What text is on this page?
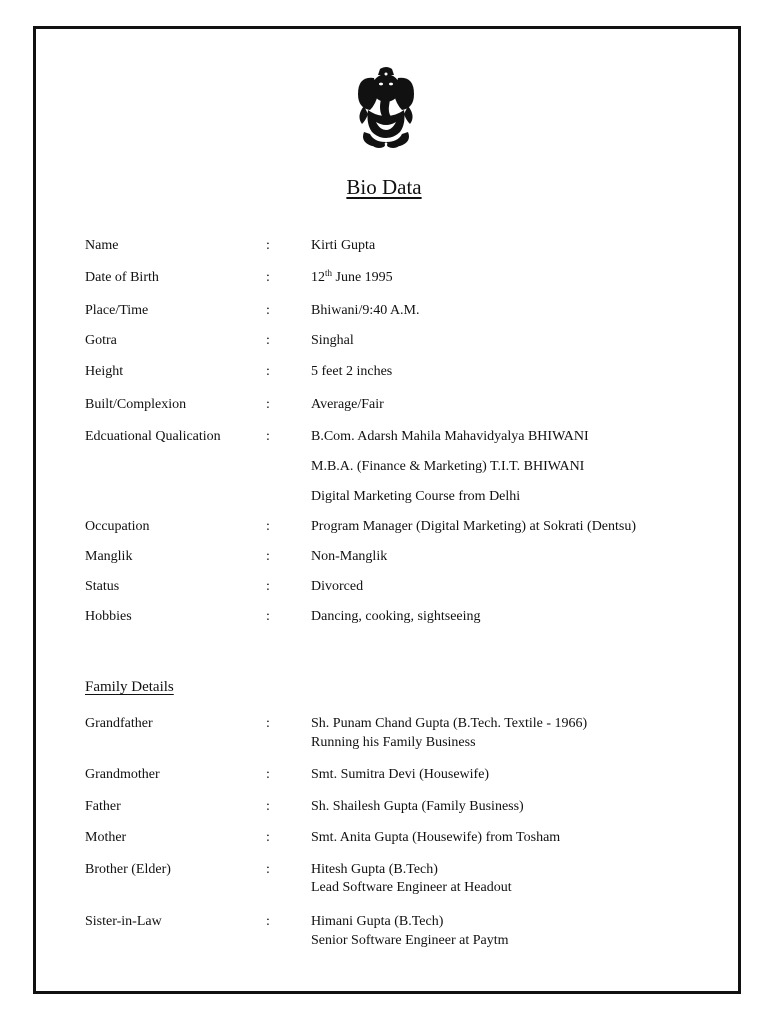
Bio Data
Name	:	Kirti Gupta
Date of Birth	:	12th June 1995
Place/Time	:	Bhiwani/9:40 A.M.
Gotra	:	Singhal
Height	:	5 feet 2 inches
Built/Complexion	:	Average/Fair
Edcuational Qualication	:	B.Com. Adarsh Mahila Mahavidyalya BHIWANI
M.B.A. (Finance & Marketing) T.I.T. BHIWANI
Digital Marketing Course from Delhi
Occupation	:	Program Manager (Digital Marketing) at Sokrati (Dentsu)
Manglik	:	Non-Manglik
Status	:	Divorced
Hobbies	:	Dancing, cooking, sightseeing
Family Details
Grandfather	:	Sh. Punam Chand Gupta (B.Tech. Textile - 1966)
Running his Family Business
Grandmother	:	Smt. Sumitra Devi (Housewife)
Father	:	Sh. Shailesh Gupta (Family Business)
Mother	:	Smt. Anita Gupta (Housewife) from Tosham
Brother (Elder)	:	Hitesh Gupta (B.Tech)
Lead Software Engineer at Headout
Sister-in-Law	:	Himani Gupta (B.Tech)
Senior Software Engineer at Paytm
